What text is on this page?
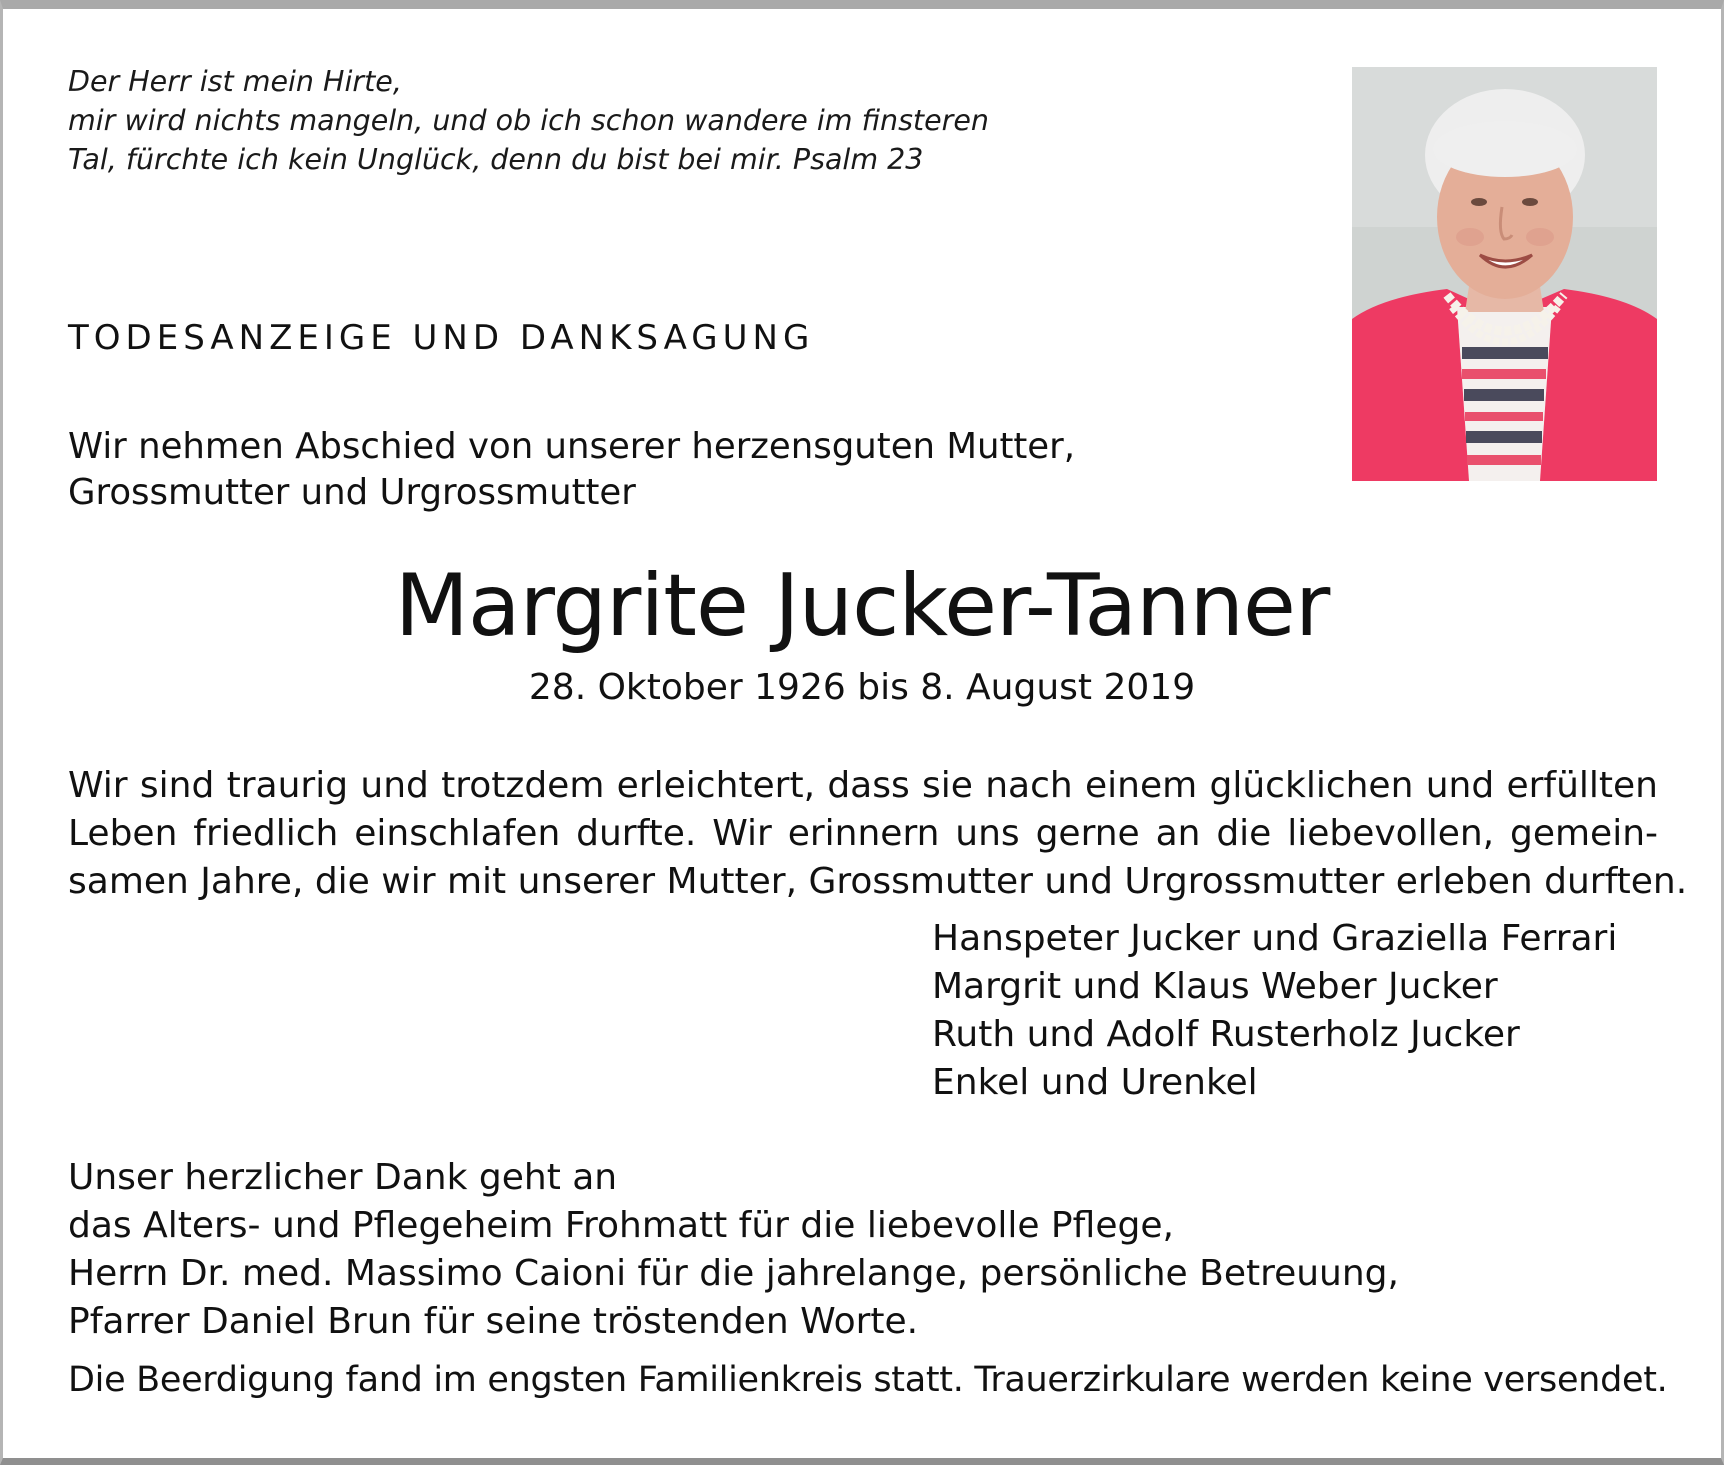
Der Herr ist mein Hirte,
mir wird nichts mangeln, und ob ich schon wandere im finsteren
Tal, fürchte ich kein Unglück, denn du bist bei mir. Psalm 23
TODESANZEIGE UND DANKSAGUNG
Wir nehmen Abschied von unserer herzensguten Mutter,
Grossmutter und Urgrossmutter
Margrite Jucker-Tanner
28. Oktober 1926 bis 8. August 2019
Wir sind traurig und trotzdem erleichtert, dass sie nach einem glücklichen und erfüllten
Leben friedlich einschlafen durfte. Wir erinnern uns gerne an die liebevollen, gemein-
samen Jahre, die wir mit unserer Mutter, Grossmutter und Urgrossmutter erleben durften.
Hanspeter Jucker und Graziella Ferrari
Margrit und Klaus Weber Jucker
Ruth und Adolf Rusterholz Jucker
Enkel und Urenkel
Unser herzlicher Dank geht an
das Alters- und Pflegeheim Frohmatt für die liebevolle Pflege,
Herrn Dr. med. Massimo Caioni für die jahrelange, persönliche Betreuung,
Pfarrer Daniel Brun für seine tröstenden Worte.
Die Beerdigung fand im engsten Familienkreis statt. Trauerzirkulare werden keine versendet.
